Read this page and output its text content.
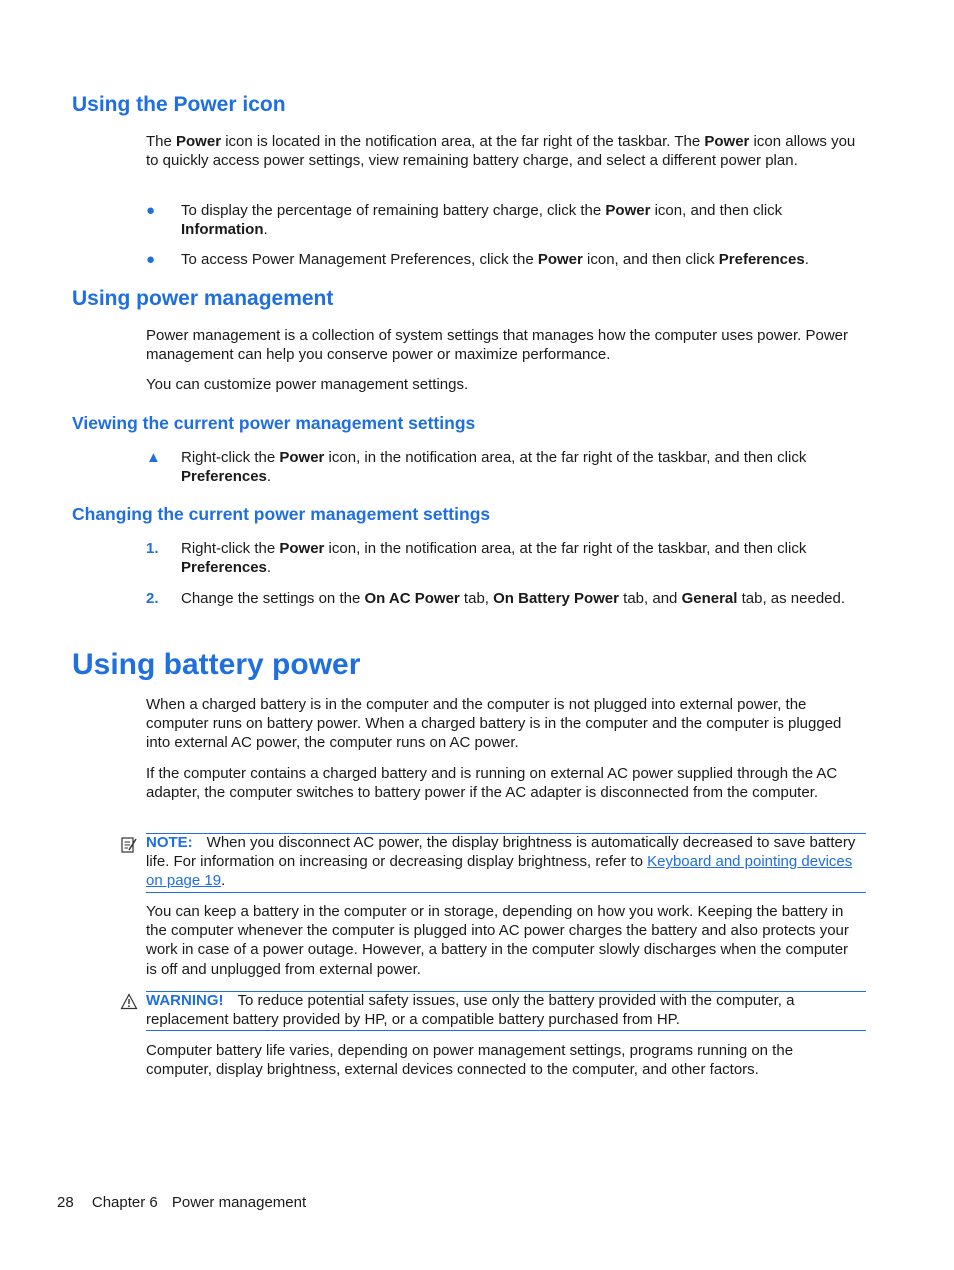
Using the Power icon

The Power icon is located in the notification area, at the far right of the taskbar. The Power icon allows you to quickly access power settings, view remaining battery charge, and select a different power plan.

● To display the percentage of remaining battery charge, click the Power icon, and then click Information.

● To access Power Management Preferences, click the Power icon, and then click Preferences.

Using power management

Power management is a collection of system settings that manages how the computer uses power. Power management can help you conserve power or maximize performance.

You can customize power management settings.

Viewing the current power management settings
▲ Right-click the Power icon, in the notification area, at the far right of the taskbar, and then click Preferences.

Changing the current power management settings
1. Right-click the Power icon, in the notification area, at the far right of the taskbar, and then click Preferences.

2. Change the settings on the On AC Power tab, On Battery Power tab, and General tab, as needed.

Using battery power

When a charged battery is in the computer and the computer is not plugged into external power, the computer runs on battery power. When a charged battery is in the computer and the computer is plugged into external AC power, the computer runs on AC power.

If the computer contains a charged battery and is running on external AC power supplied through the AC adapter, the computer switches to battery power if the AC adapter is disconnected from the computer.

NOTE: When you disconnect AC power, the display brightness is automatically decreased to save battery life. For information on increasing or decreasing display brightness, refer to Keyboard and pointing devices on page 19.

You can keep a battery in the computer or in storage, depending on how you work. Keeping the battery in the computer whenever the computer is plugged into AC power charges the battery and also protects your work in case of a power outage. However, a battery in the computer slowly discharges when the computer is off and unplugged from external power.

WARNING! To reduce potential safety issues, use only the battery provided with the computer, a replacement battery provided by HP, or a compatible battery purchased from HP.

Computer battery life varies, depending on power management settings, programs running on the computer, display brightness, external devices connected to the computer, and other factors.

28 Chapter 6 Power management
